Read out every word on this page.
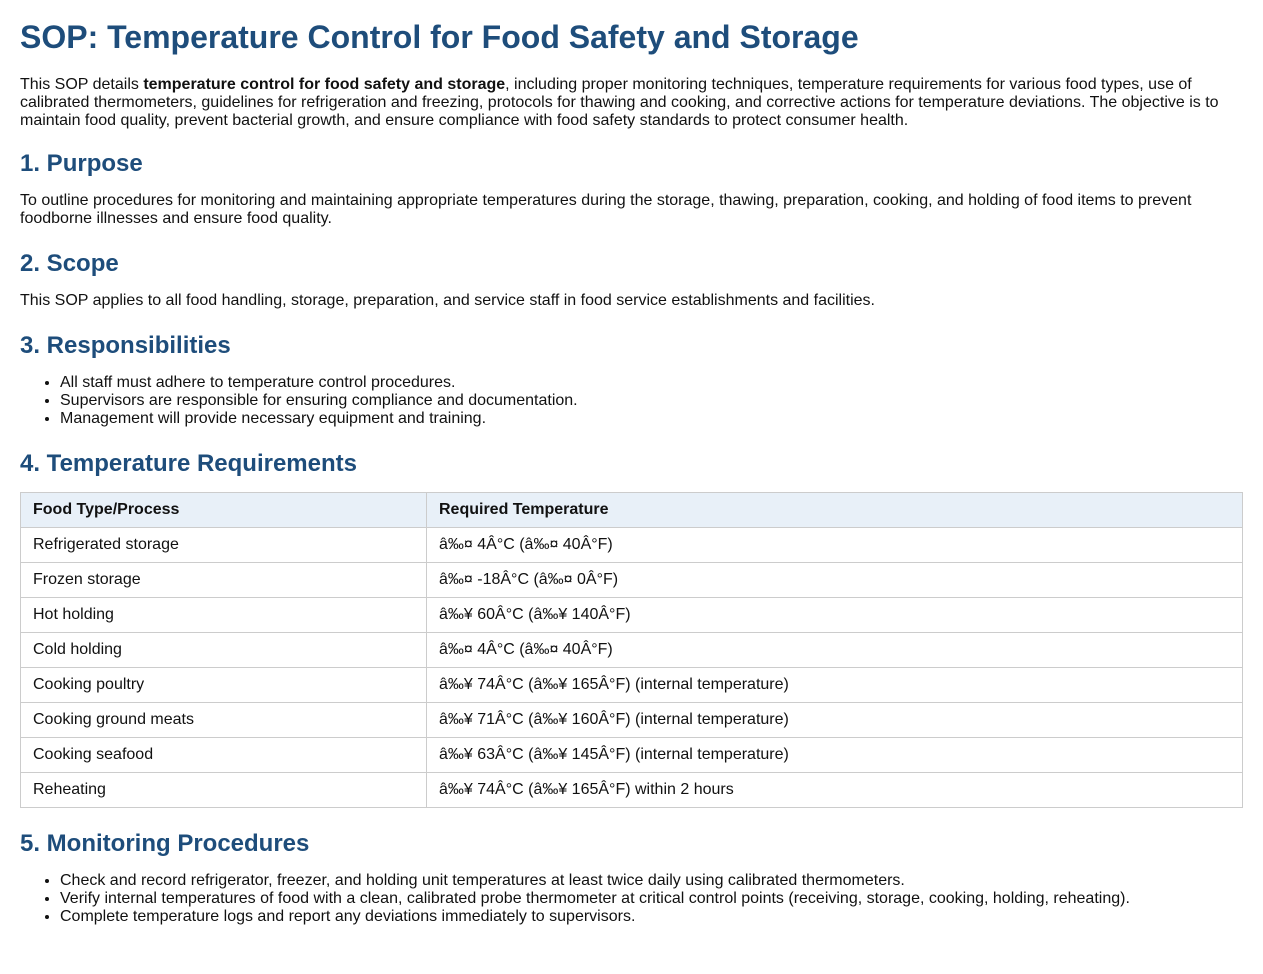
SOP: Temperature Control for Food Safety and Storage

This SOP details temperature control for food safety and storage, including proper monitoring techniques, temperature requirements for various food types, use of calibrated thermometers, guidelines for refrigeration and freezing, protocols for thawing and cooking, and corrective actions for temperature deviations. The objective is to maintain food quality, prevent bacterial growth, and ensure compliance with food safety standards to protect consumer health.

1. Purpose

To outline procedures for monitoring and maintaining appropriate temperatures during the storage, thawing, preparation, cooking, and holding of food items to prevent foodborne illnesses and ensure food quality.

2. Scope

This SOP applies to all food handling, storage, preparation, and service staff in food service establishments and facilities.

3. Responsibilities
• All staff must adhere to temperature control procedures.
• Supervisors are responsible for ensuring compliance and documentation.
• Management will provide necessary equipment and training.
4. Temperature Requirements
Food Type/Process	Required Temperature
Refrigerated storage	â‰¤ 4Â°C (â‰¤ 40Â°F)
Frozen storage	â‰¤ -18Â°C (â‰¤ 0Â°F)
Hot holding	â‰¥ 60Â°C (â‰¥ 140Â°F)
Cold holding	â‰¤ 4Â°C (â‰¤ 40Â°F)
Cooking poultry	â‰¥ 74Â°C (â‰¥ 165Â°F) (internal temperature)
Cooking ground meats	â‰¥ 71Â°C (â‰¥ 160Â°F) (internal temperature)
Cooking seafood	â‰¥ 63Â°C (â‰¥ 145Â°F) (internal temperature)
Reheating	â‰¥ 74Â°C (â‰¥ 165Â°F) within 2 hours
5. Monitoring Procedures
• Check and record refrigerator, freezer, and holding unit temperatures at least twice daily using calibrated thermometers.
• Verify internal temperatures of food with a clean, calibrated probe thermometer at critical control points (receiving, storage, cooking, holding, reheating).
• Complete temperature logs and report any deviations immediately to supervisors.
